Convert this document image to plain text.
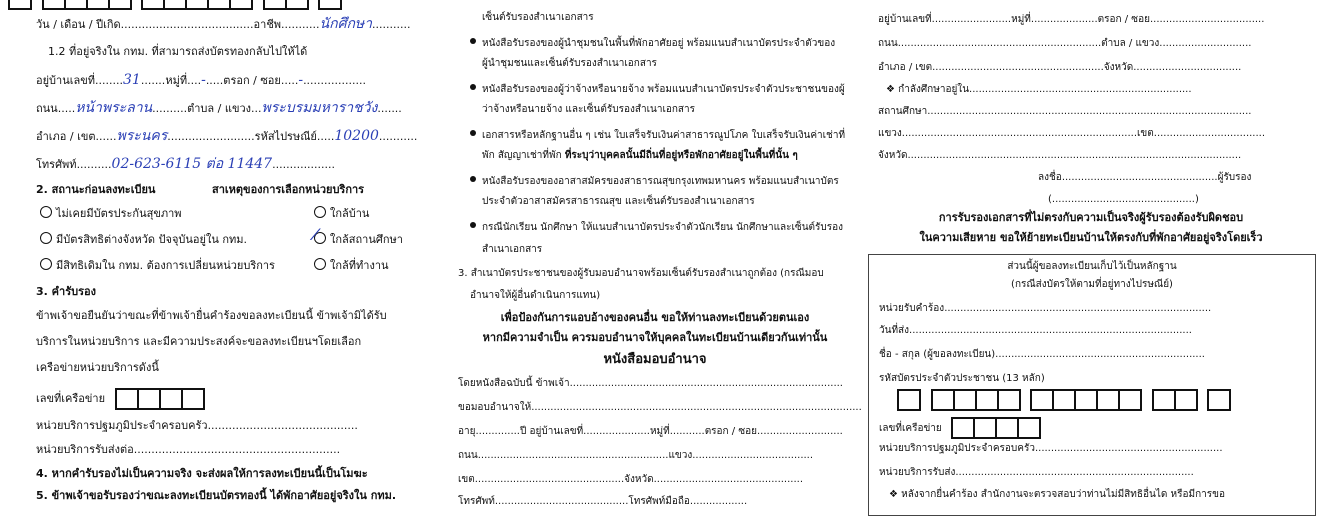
วัน / เดือน / ปีเกิด......................................อาชีพ...........นักศึกษา...........
1.2 ที่อยู่จริงใน กทม. ที่สามารถส่งบัตรทองกลับไปให้ได้
อยู่บ้านเลขที่........31.......หมู่ที่....-.....ตรอก / ซอย.....-..................
ถนน.....หน้าพระลาน..........ตำบล / แขวง...พระบรมมหาราชวัง.......
อำเภอ / เขต......พระนคร.........................รหัสไปรษณีย์.....10200...........
โทรศัพท์..........02-623-6115 ต่อ 11447..................
2. สถานะก่อนลงทะเบียน	สาเหตุของการเลือกหน่วยบริการ
ไม่เคยมีบัตรประกันสุขภาพ	ใกล้บ้าน
มีบัตรสิทธิต่างจังหวัด ปัจจุบันอยู่ใน กทม.	⁄ ใกล้สถานศึกษา
มีสิทธิเดิมใน กทม. ต้องการเปลี่ยนหน่วยบริการ	ใกล้ที่ทำงาน
3. คำรับรอง
ข้าพเจ้าขอยืนยันว่าขณะที่ข้าพเจ้ายื่นคำร้องขอลงทะเบียนนี้ ข้าพเจ้ามิได้รับ
บริการในหน่วยบริการ และมีความประสงค์จะขอลงทะเบียนฯโดยเลือก
เครือข่ายหน่วยบริการดังนี้
เลขที่เครือข่าย
หน่วยบริการปฐมภูมิประจำครอบครัว...........................................
หน่วยบริการรับส่งต่อ...........................................................
4. หากคำรับรองไม่เป็นความจริง จะส่งผลให้การลงทะเบียนนี้เป็นโมฆะ
5. ข้าพเจ้าขอรับรองว่าขณะลงทะเบียนบัตรทองนี้ ได้พักอาศัยอยู่จริงใน กทม.
เซ็นต์รับรองสำเนาเอกสาร
หนังสือรับรองของผู้นำชุมชนในพื้นที่พักอาศัยอยู่ พร้อมแนบสำเนาบัตรประจำตัวของ
ผู้นำชุมชนและเซ็นต์รับรองสำเนาเอกสาร
หนังสือรับรองของผู้ว่าจ้างหรือนายจ้าง พร้อมแนบสำเนาบัตรประจำตัวประชาชนของผู้
ว่าจ้างหรือนายจ้าง และเซ็นต์รับรองสำเนาเอกสาร
เอกสารหรือหลักฐานอื่น ๆ เช่น ใบเสร็จรับเงินค่าสาธารณูปโภค ใบเสร็จรับเงินค่าเช่าที่
พัก สัญญาเช่าที่พัก ที่ระบุว่าบุคคลนั้นมีถิ่นที่อยู่หรือพักอาศัยอยู่ในพื้นที่นั้น ๆ
หนังสือรับรองของอาสาสมัครของสาธารณสุขกรุงเทพมหานคร พร้อมแนบสำเนาบัตร
ประจำตัวอาสาสมัครสาธารณสุข และเซ็นต์รับรองสำเนาเอกสาร
กรณีนักเรียน นักศึกษา ให้แนบสำเนาบัตรประจำตัวนักเรียน นักศึกษาและเซ็นต์รับรอง
สำเนาเอกสาร
3. สำเนาบัตรประชาชนของผู้รับมอบอำนาจพร้อมเซ็นต์รับรองสำเนาถูกต้อง (กรณีมอบ
อำนาจให้ผู้อื่นดำเนินการแทน)
เพื่อป้องกันการแอบอ้างของคนอื่น ขอให้ท่านลงทะเบียนด้วยตนเอง
หากมีความจำเป็น ควรมอบอำนาจให้บุคคลในทะเบียนบ้านเดียวกันเท่านั้น
หนังสือมอบอำนาจ
โดยหนังสือฉบับนี้ ข้าพเจ้า......................................................................................
ขอมอบอำนาจให้........................................................................................................
อายุ..............ปี อยู่บ้านเลขที่.....................หมู่ที่...........ตรอก / ซอย...........................
ถนน............................................................แขวง......................................
เขต...............................................จังหวัด...............................................
โทรศัพท์..........................................โทรศัพท์มือถือ..................
อยู่บ้านเลขที่.........................หมู่ที่.....................ตรอก / ซอย....................................
ถนน................................................................ตำบล / แขวง.............................
อำเภอ / เขต......................................................จังหวัด..................................
❖ กำลังศึกษาอยู่ใน......................................................................
สถานศึกษา......................................................................................................
แขวง..........................................................................เขต...................................
จังหวัด.........................................................................................................
ลงชื่อ.................................................ผู้รับรอง
(.............................................)
การรับรองเอกสารที่ไม่ตรงกับความเป็นจริงผู้รับรองต้องรับผิดชอบ
ในความเสียหาย ขอให้ย้ายทะเบียนบ้านให้ตรงกับที่พักอาศัยอยู่จริงโดยเร็ว
ส่วนนี้ผู้ขอลงทะเบียนเก็บไว้เป็นหลักฐาน
(กรณีส่งบัตรให้ตามที่อยู่ทางไปรษณีย์)
หน่วยรับคำร้อง....................................................................................
วันที่ส่ง.........................................................................................
ชื่อ - สกุล (ผู้ขอลงทะเบียน)..................................................................
รหัสบัตรประจำตัวประชาชน (13 หลัก)

เลขที่เครือข่าย
หน่วยบริการปฐมภูมิประจำครอบครัว...........................................................
หน่วยบริการรับส่ง...........................................................................
❖ หลังจากยื่นคำร้อง สำนักงานจะตรวจสอบว่าท่านไม่มีสิทธิอื่นได หรือมีการขอ
